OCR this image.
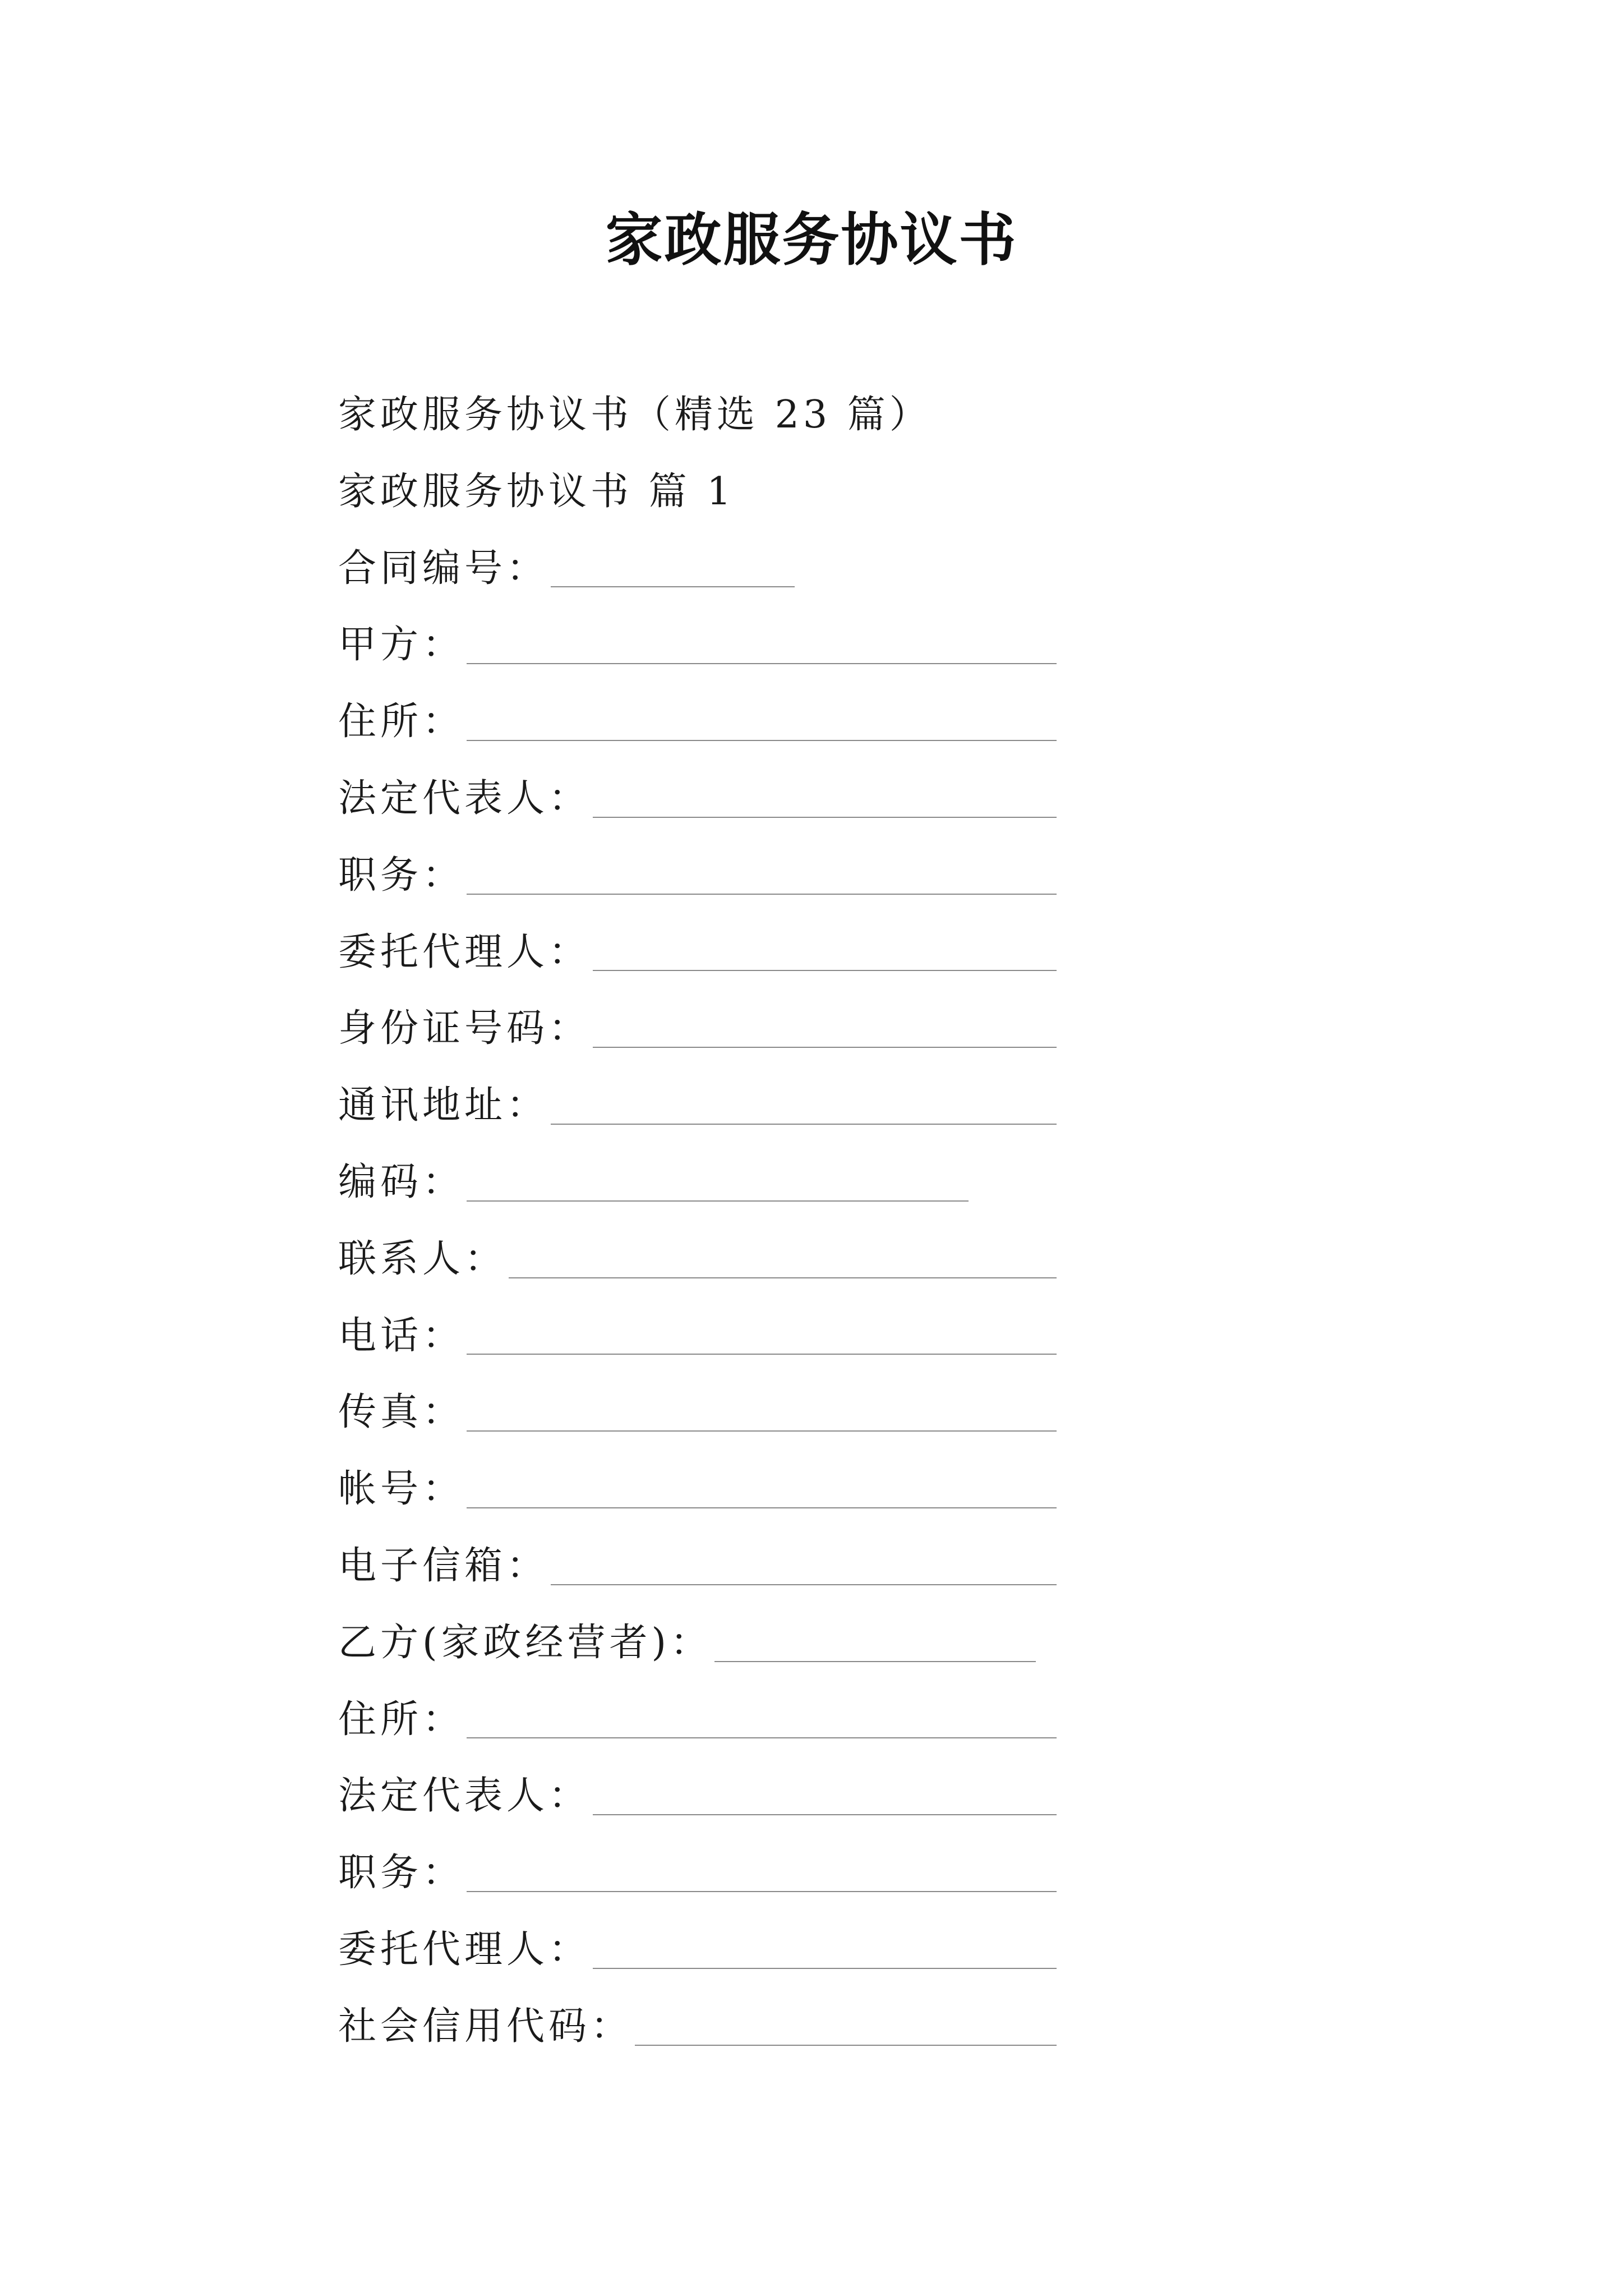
家政服务协议书
家政服务协议书（精选 23 篇）
家政服务协议书 篇 1
合同编号：
甲方：
住所：
法定代表人：
职务：
委托代理人：
身份证号码：
通讯地址：
编码：
联系人：
电话：
传真：
帐号：
电子信箱：
乙方(家政经营者)：
住所：
法定代表人：
职务：
委托代理人：
社会信用代码：
